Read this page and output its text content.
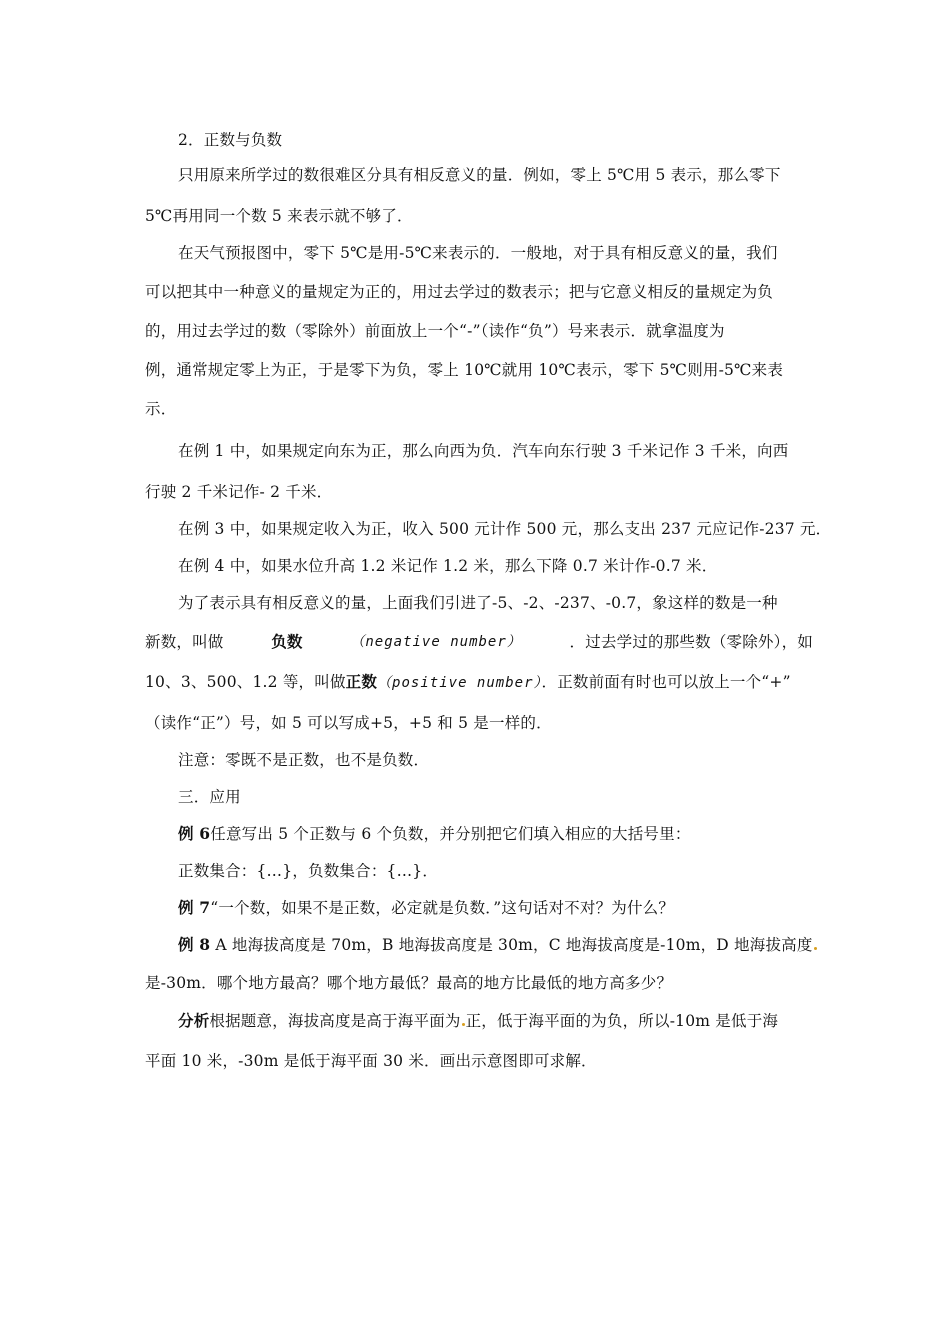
2．正数与负数
只用原来所学过的数很难区分具有相反意义的量．例如，零上 5℃用 5 表示，那么零下
5℃再用同一个数 5 来表示就不够了．
在天气预报图中，零下 5℃是用-5℃来表示的．一般地，对于具有相反意义的量，我们
可以把其中一种意义的量规定为正的，用过去学过的数表示；把与它意义相反的量规定为负
的，用过去学过的数（零除外）前面放上一个“-”（读作“负”）号来表示．就拿温度为
例，通常规定零上为正，于是零下为负，零上 10℃就用 10℃表示，零下 5℃则用-5℃来表
示．
在例 1 中，如果规定向东为正，那么向西为负．汽车向东行驶 3 千米记作 3 千米，向西
行驶 2 千米记作- 2 千米．
在例 3 中，如果规定收入为正，收入 500 元计作 500 元，那么支出 237 元应记作-237 元．
在例 4 中，如果水位升高 1.2 米记作 1.2 米，那么下降 0.7 米计作-0.7 米．
为了表示具有相反意义的量，上面我们引进了-5、-2、-237、-0.7，象这样的数是一种
新数，叫做	负数	（negative number）	．过去学过的那些数（零除外），如
10、3、500、1.2 等，叫做正数（positive number）．正数前面有时也可以放上一个“+”
（读作“正”）号，如 5 可以写成+5，+5 和 5 是一样的．
注意：零既不是正数，也不是负数．
三．应用
例 6任意写出 5 个正数与 6 个负数，并分别把它们填入相应的大括号里：
正数集合：{…}，负数集合：{…}．
例 7“一个数，如果不是正数，必定就是负数．”这句话对不对？为什么？
例 8 A 地海拔高度是 70m，B 地海拔高度是 30m，C 地海拔高度是-10m，D 地海拔高度
是-30m．哪个地方最高？哪个地方最低？最高的地方比最低的地方高多少？
分析根据题意，海拔高度是高于海平面为 正，低于海平面的为负，所以-10m 是低于海
平面 10 米，-30m 是低于海平面 30 米．画出示意图即可求解．
